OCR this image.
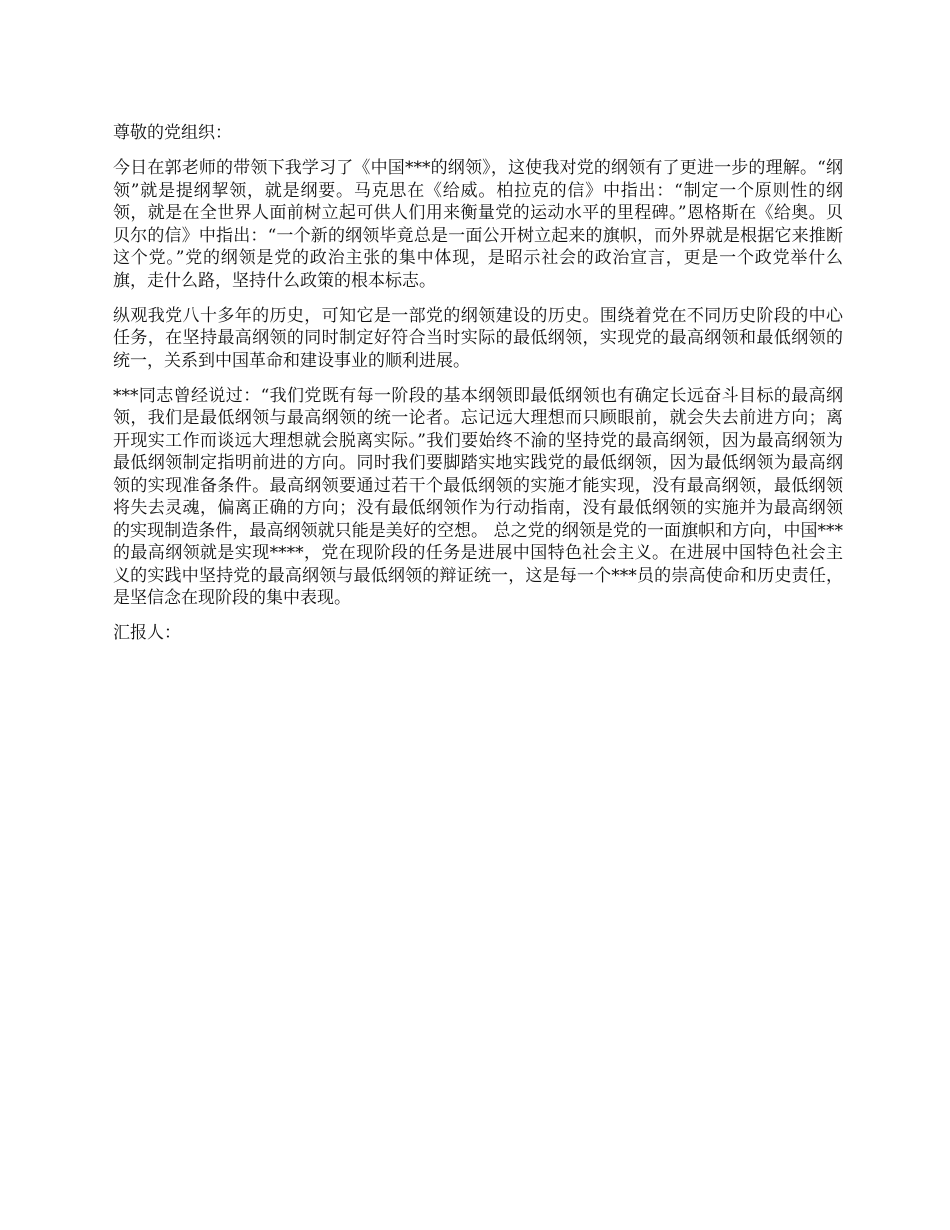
尊敬的党组织：

今日在郭老师的带领下我学习了《中国***的纲领》，这使我对党的纲领有了更进一步的理解。“纲领”就是提纲挈领，就是纲要。马克思在《给威。柏拉克的信》中指出：“制定一个原则性的纲领，就是在全世界人面前树立起可供人们用来衡量党的运动水平的里程碑。”恩格斯在《给奥。贝贝尔的信》中指出：“一个新的纲领毕竟总是一面公开树立起来的旗帜，而外界就是根据它来推断这个党。”党的纲领是党的政治主张的集中体现，是昭示社会的政治宣言，更是一个政党举什么旗，走什么路，坚持什么政策的根本标志。

纵观我党八十多年的历史，可知它是一部党的纲领建设的历史。围绕着党在不同历史阶段的中心任务，在坚持最高纲领的同时制定好符合当时实际的最低纲领，实现党的最高纲领和最低纲领的统一，关系到中国革命和建设事业的顺利进展。

***同志曾经说过：“我们党既有每一阶段的基本纲领即最低纲领也有确定长远奋斗目标的最高纲领，我们是最低纲领与最高纲领的统一论者。忘记远大理想而只顾眼前，就会失去前进方向；离开现实工作而谈远大理想就会脱离实际。”我们要始终不渝的坚持党的最高纲领，因为最高纲领为最低纲领制定指明前进的方向。同时我们要脚踏实地实践党的最低纲领，因为最低纲领为最高纲领的实现准备条件。最高纲领要通过若干个最低纲领的实施才能实现，没有最高纲领，最低纲领将失去灵魂，偏离正确的方向；没有最低纲领作为行动指南，没有最低纲领的实施并为最高纲领的实现制造条件，最高纲领就只能是美好的空想。 总之党的纲领是党的一面旗帜和方向，中国***的最高纲领就是实现****，党在现阶段的任务是进展中国特色社会主义。在进展中国特色社会主义的实践中坚持党的最高纲领与最低纲领的辩证统一，这是每一个***员的崇高使命和历史责任，是坚信念在现阶段的集中表现。

汇报人：
